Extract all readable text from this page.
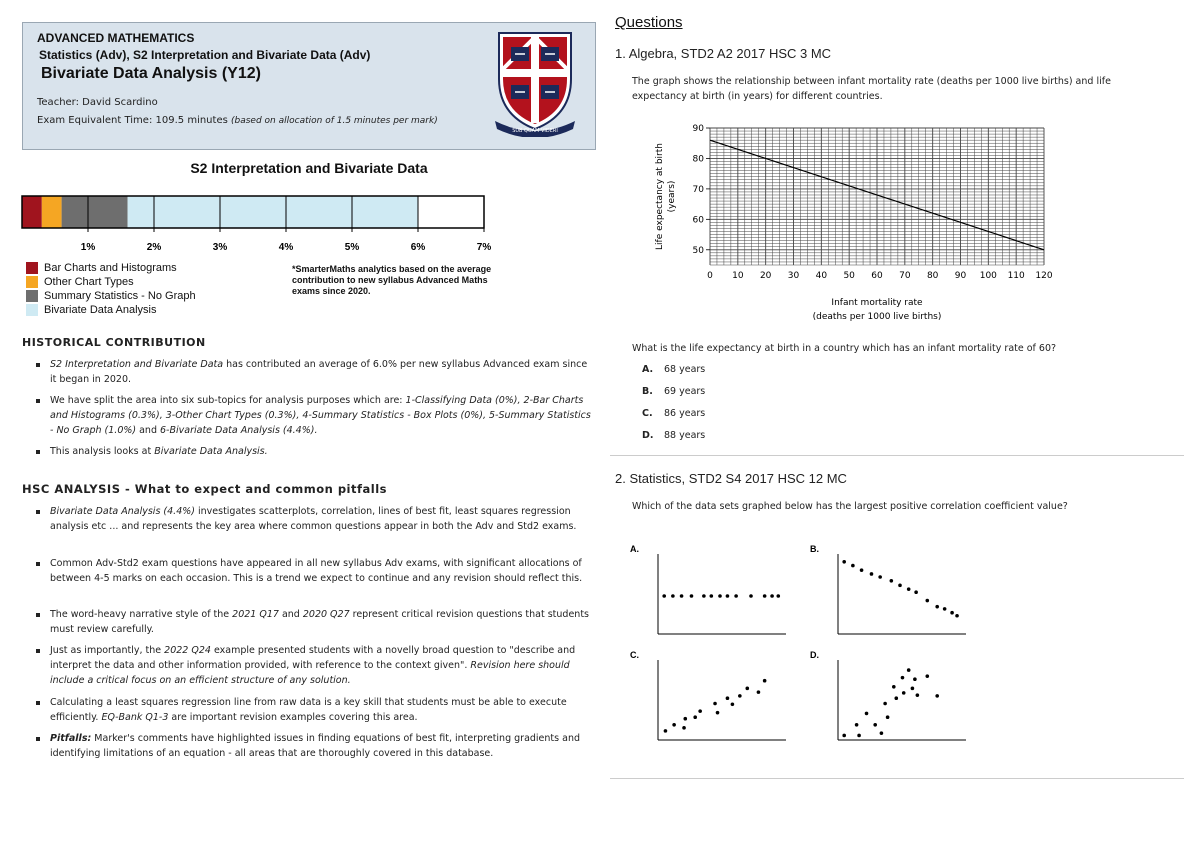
ADVANCED MATHEMATICS
Statistics (Adv), S2 Interpretation and Bivariate Data (Adv)
Bivariate Data Analysis (Y12)
Teacher: David Scardino
Exam Equivalent Time: 109.5 minutes (based on allocation of 1.5 minutes per mark)
SUB QUAM VIDERI
S2 Interpretation and Bivariate Data
1%	2%	3%	4%	5%	6%	7%
Bar Charts and Histograms
Other Chart Types
Summary Statistics - No Graph
Bivariate Data Analysis
*SmarterMaths analytics based on the average contribution to new syllabus Advanced Maths exams since 2020.
HISTORICAL CONTRIBUTION
S2 Interpretation and Bivariate Data has contributed an average of 6.0% per new syllabus Advanced exam since it began in 2020.
We have split the area into six sub-topics for analysis purposes which are: 1-Classifying Data (0%), 2-Bar Charts and Histograms (0.3%), 3-Other Chart Types (0.3%), 4-Summary Statistics - Box Plots (0%), 5-Summary Statistics - No Graph (1.0%) and 6-Bivariate Data Analysis (4.4%).
This analysis looks at Bivariate Data Analysis.
HSC ANALYSIS - What to expect and common pitfalls
Bivariate Data Analysis (4.4%) investigates scatterplots, correlation, lines of best fit, least squares regression analysis etc ... and represents the key area where common questions appear in both the Adv and Std2 exams.
Common Adv-Std2 exam questions have appeared in all new syllabus Adv exams, with significant allocations of between 4-5 marks on each occasion. This is a trend we expect to continue and any revision should reflect this.
The word-heavy narrative style of the 2021 Q17 and 2020 Q27 represent critical revision questions that students must review carefully.
Just as importantly, the 2022 Q24 example presented students with a novelly broad question to "describe and interpret the data and other information provided, with reference to the context given". Revision here should include a critical focus on an efficient structure of any solution.
Calculating a least squares regression line from raw data is a key skill that students must be able to execute efficiently. EQ-Bank Q1-3 are important revision examples covering this area.
Pitfalls: Marker's comments have highlighted issues in finding equations of best fit, interpreting gradients and identifying limitations of an equation - all areas that are thoroughly covered in this database.
Questions
1. Algebra, STD2 A2 2017 HSC 3 MC
The graph shows the relationship between infant mortality rate (deaths per 1000 live births) and life expectancy at birth (in years) for different countries.
0 10 20 30 40 50 60 70 80 90 100 110 120
50
60
70
80
90
Infant mortality rate
(deaths per 1000 live births)
Life expectancy at birth (years)
What is the life expectancy at birth in a country which has an infant mortality rate of 60?
A. 68 years
B. 69 years
C. 86 years
D. 88 years
2. Statistics, STD2 S4 2017 HSC 12 MC
Which of the data sets graphed below has the largest positive correlation coefficient value?
A.	B.
C.	D.
